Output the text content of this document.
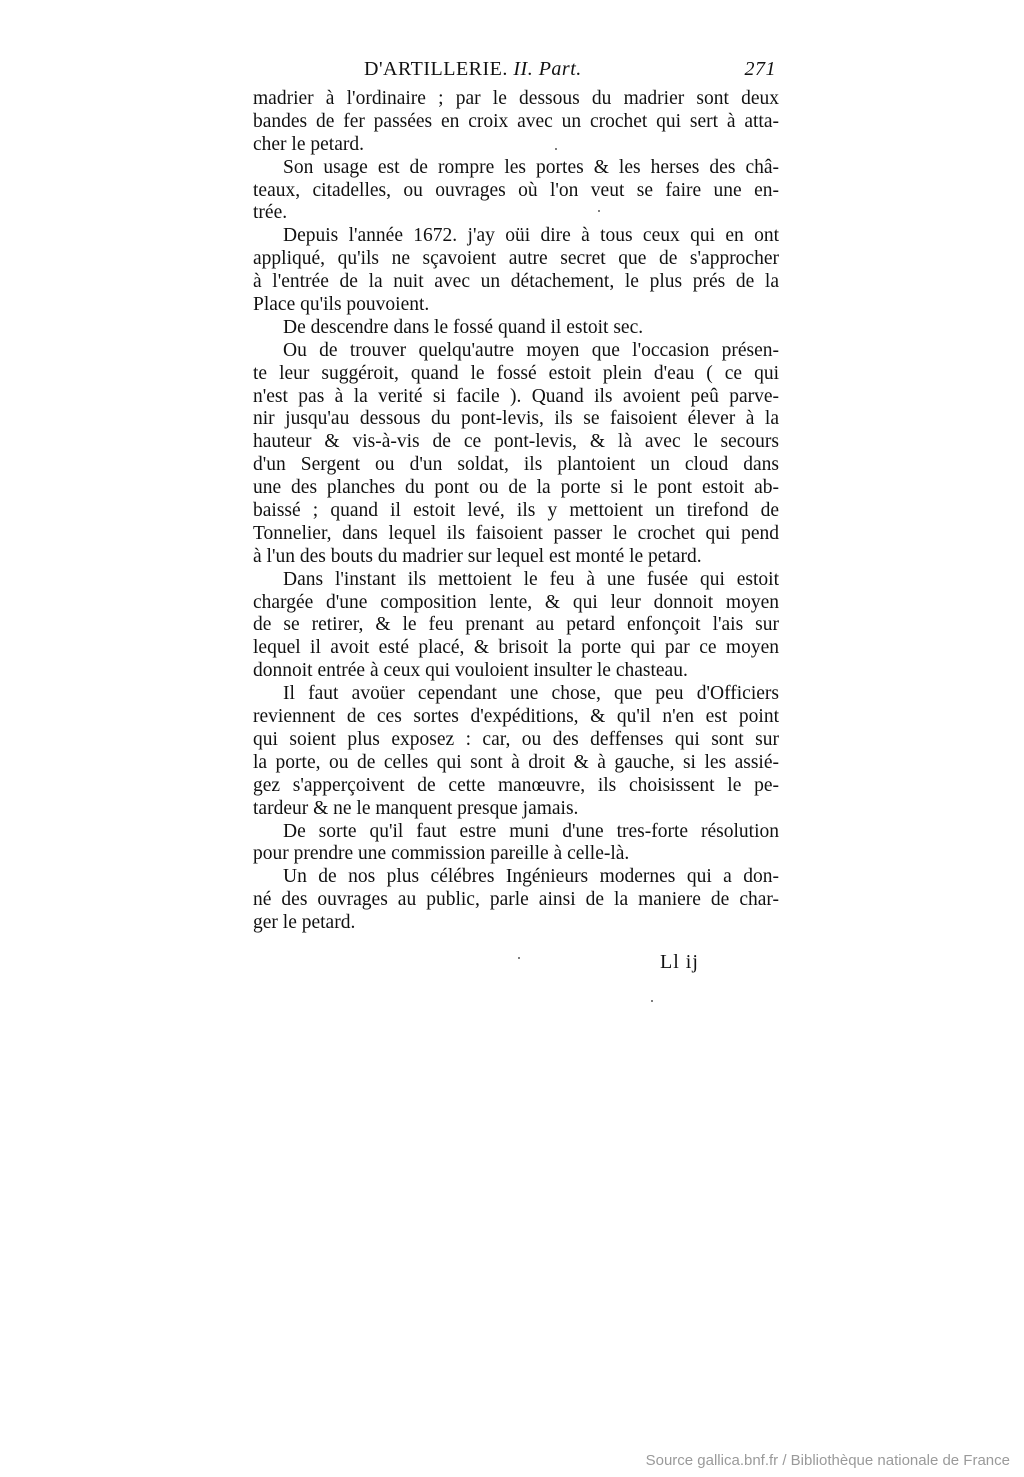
D'ARTILLERIE. II. Part.	271
madrier à l'ordinaire ; par le dessous du madrier sont deux
bandes de fer passées en croix avec un crochet qui sert à atta-
cher le petard.
Son usage est de rompre les portes & les herses des châ-
teaux, citadelles, ou ouvrages où l'on veut se faire une en-
trée.
Depuis l'année 1672. j'ay oüi dire à tous ceux qui en ont
appliqué, qu'ils ne sçavoient autre secret que de s'approcher
à l'entrée de la nuit avec un détachement, le plus prés de la
Place qu'ils pouvoient.
De descendre dans le fossé quand il estoit sec.
Ou de trouver quelqu'autre moyen que l'occasion présen-
te leur suggéroit, quand le fossé estoit plein d'eau ( ce qui
n'est pas à la verité si facile ). Quand ils avoient peû parve-
nir jusqu'au dessous du pont-levis, ils se faisoient élever à la
hauteur & vis-à-vis de ce pont-levis, & là avec le secours
d'un Sergent ou d'un soldat, ils plantoient un cloud dans
une des planches du pont ou de la porte si le pont estoit ab-
baissé ; quand il estoit levé, ils y mettoient un tirefond de
Tonnelier, dans lequel ils faisoient passer le crochet qui pend
à l'un des bouts du madrier sur lequel est monté le petard.
Dans l'instant ils mettoient le feu à une fusée qui estoit
chargée d'une composition lente, & qui leur donnoit moyen
de se retirer, & le feu prenant au petard enfonçoit l'ais sur
lequel il avoit esté placé, & brisoit la porte qui par ce moyen
donnoit entrée à ceux qui vouloient insulter le chasteau.
Il faut avoüer cependant une chose, que peu d'Officiers
reviennent de ces sortes d'expéditions, & qu'il n'en est point
qui soient plus exposez : car, ou des deffenses qui sont sur
la porte, ou de celles qui sont à droit & à gauche, si les assié-
gez s'apperçoivent de cette manœuvre, ils choisissent le pe-
tardeur & ne le manquent presque jamais.
De sorte qu'il faut estre muni d'une tres-forte résolution
pour prendre une commission pareille à celle-là.
Un de nos plus célébres Ingénieurs modernes qui a don-
né des ouvrages au public, parle ainsi de la maniere de char-
ger le petard.
Ll ij
Source gallica.bnf.fr / Bibliothèque nationale de France
